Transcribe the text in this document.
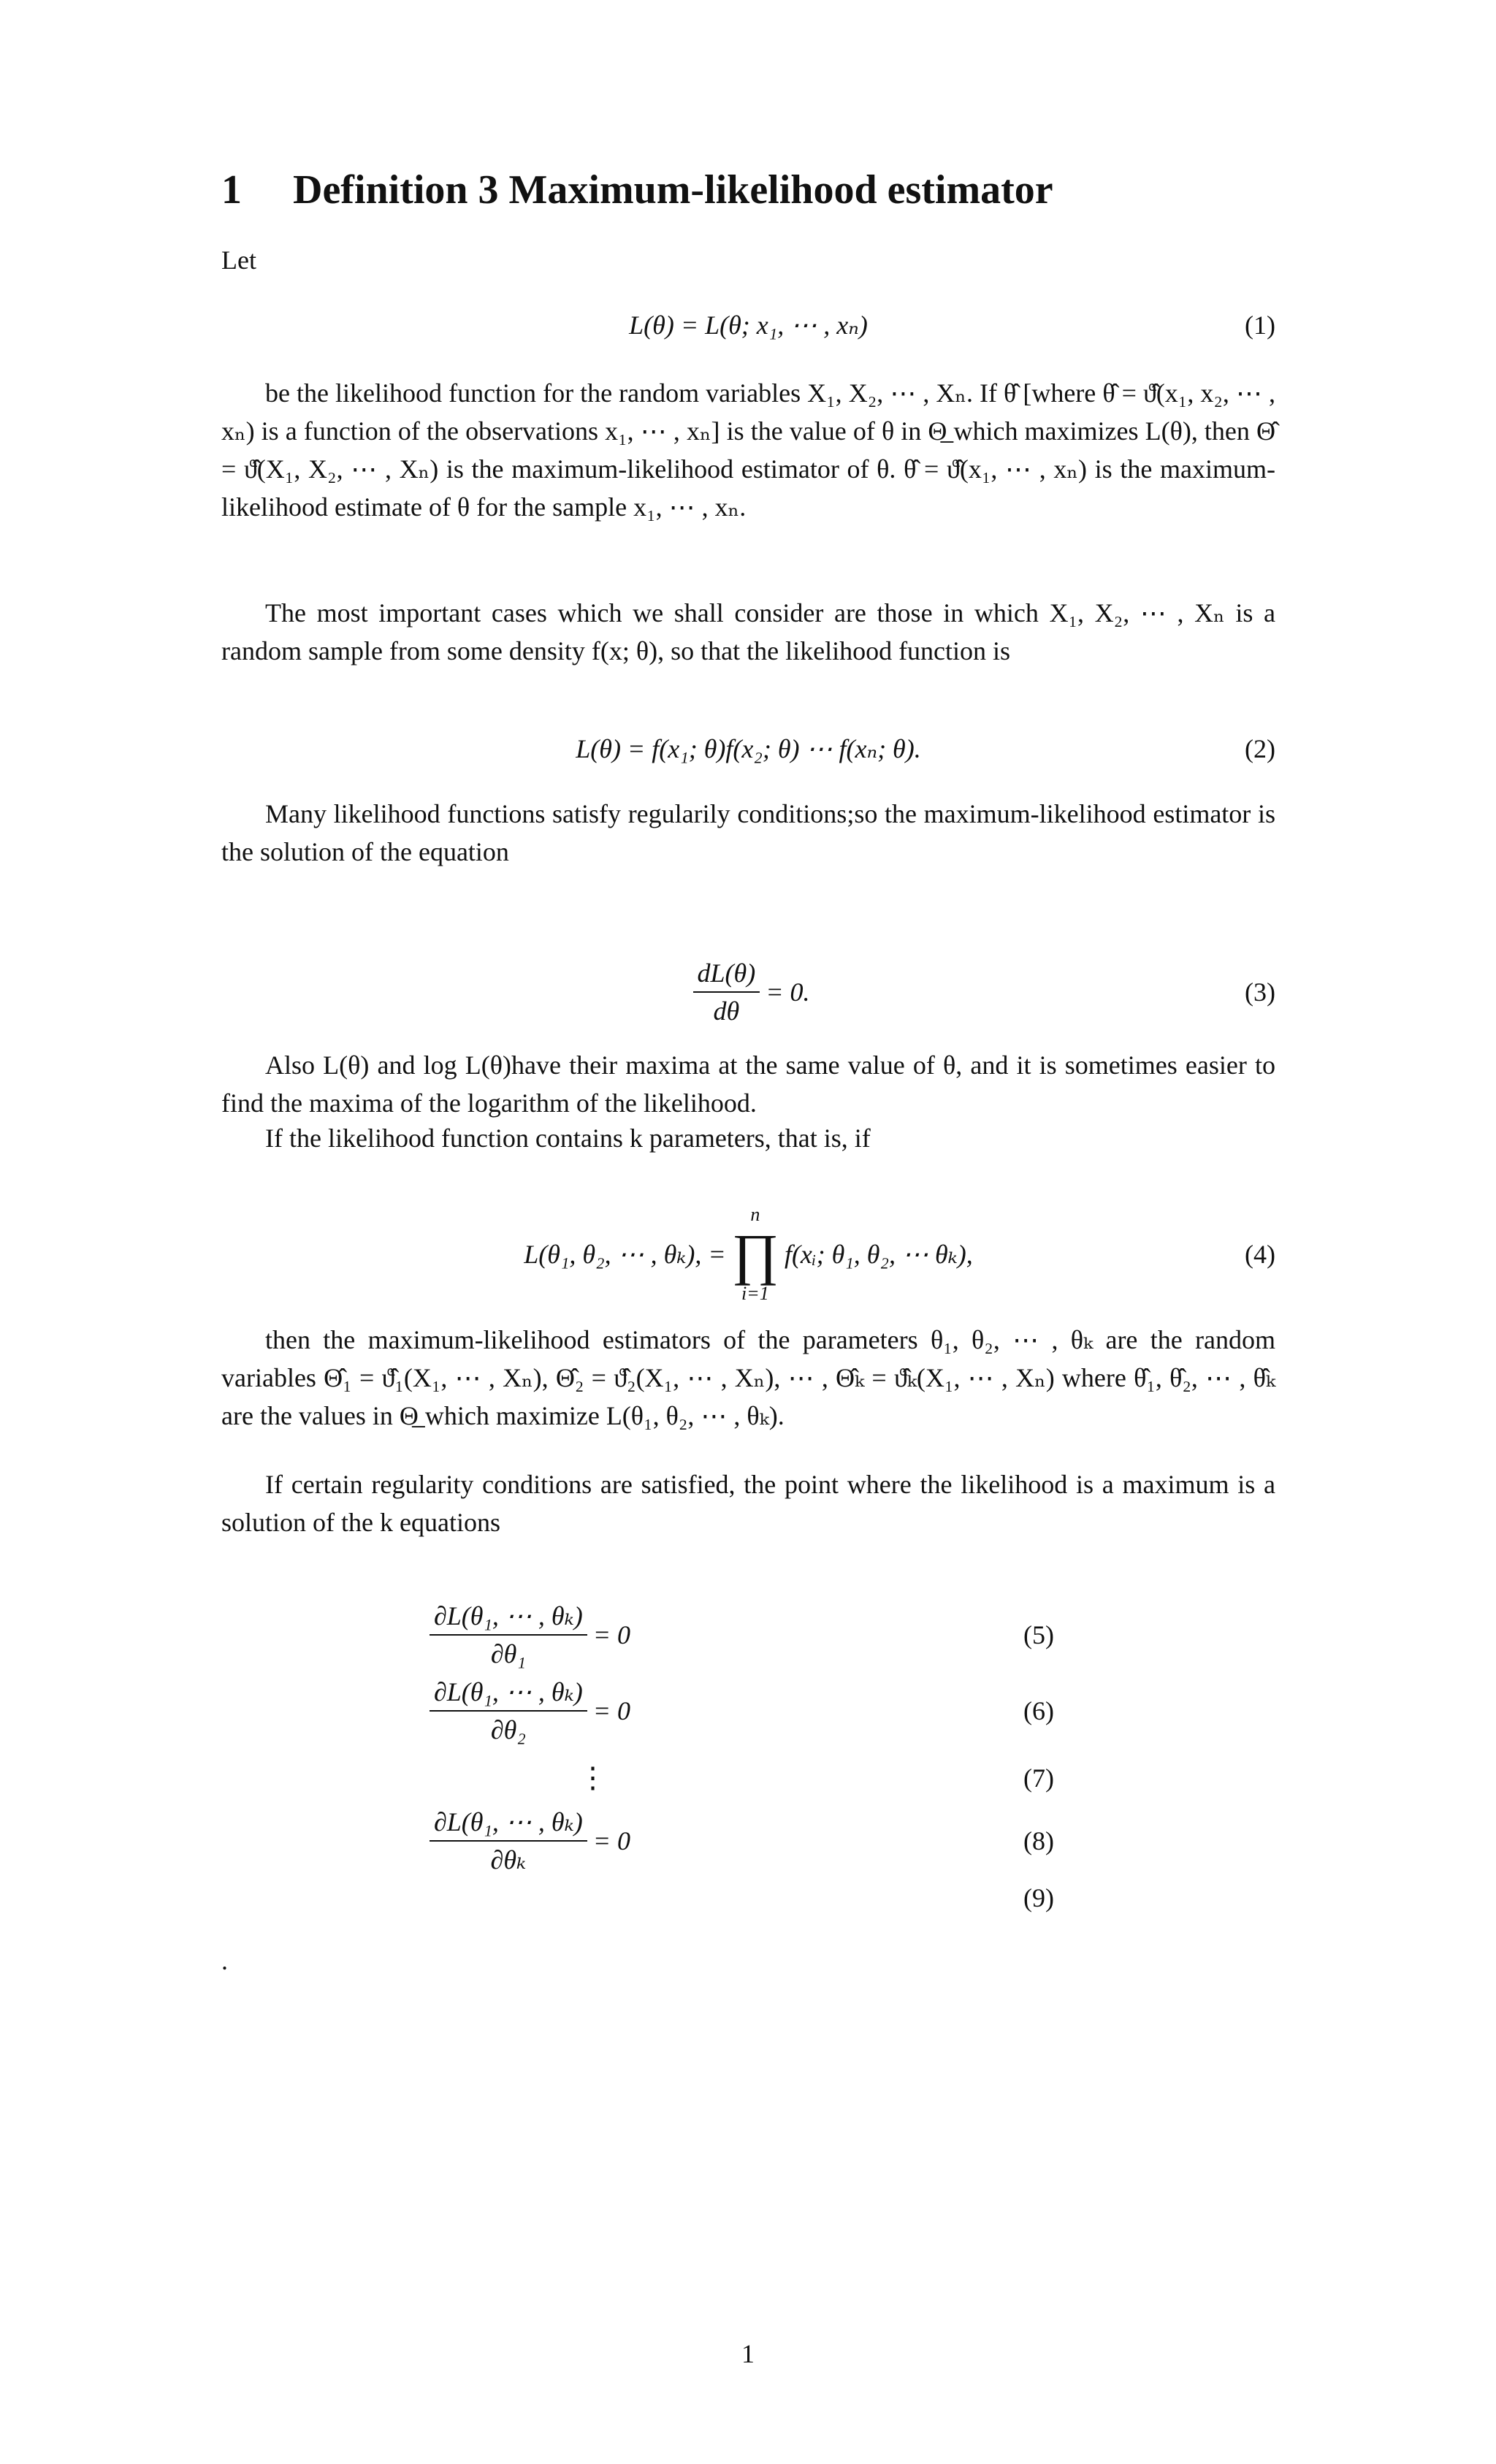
1 Definition 3 Maximum-likelihood estimator

Let

L(θ) = L(θ; x₁, ⋯ , xₙ)	(1)

be the likelihood function for the random variables X₁, X₂, ⋯ , Xₙ. If θ̂ [where θ̂ = ϑ̂(x₁, x₂, ⋯ , xₙ) is a function of the observations x₁, ⋯ , xₙ] is the value of θ in Θ̲ which maximizes L(θ), then Θ̂ = ϑ̂(X₁, X₂, ⋯ , Xₙ) is the maximum-likelihood estimator of θ. θ̂ = ϑ̂(x₁, ⋯ , xₙ) is the maximum-likelihood estimate of θ for the sample x₁, ⋯ , xₙ.

The most important cases which we shall consider are those in which X₁, X₂, ⋯ , Xₙ is a random sample from some density f(x; θ), so that the likelihood function is

L(θ) = f(x₁; θ)f(x₂; θ) ⋯ f(xₙ; θ).	(2)

Many likelihood functions satisfy regularily conditions;so the maximum-likelihood estimator is the solution of the equation

$\frac{dL(\theta)}{d\theta} = 0$.	(3)

Also L(θ) and log L(θ)have their maxima at the same value of θ, and it is sometimes easier to find the maxima of the logarithm of the likelihood.

If the likelihood function contains k parameters, that is, if

L(θ₁, θ₂, ⋯ , θₖ), =
n
∏
i=1
f(xᵢ; θ₁, θ₂, ⋯ θₖ),	(4)

then the maximum-likelihood estimators of the parameters θ₁, θ₂, ⋯ , θₖ are the random variables Θ̂₁ = ϑ̂₁(X₁, ⋯ , Xₙ), Θ̂₂ = ϑ̂₂(X₁, ⋯ , Xₙ), ⋯ , Θ̂ₖ = ϑ̂ₖ(X₁, ⋯ , Xₙ) where θ̂₁, θ̂₂, ⋯ , θ̂ₖ are the values in Θ̲ which maximize L(θ₁, θ₂, ⋯ , θₖ).

If certain regularity conditions are satisfied, the point where the likelihood is a maximum is a solution of the k equations

$\frac{\text{∂L(θ₁, ⋯ , θₖ)}}{\text{∂θ₁}} = 0$	(5)
$\frac{\text{∂L(θ₁, ⋯ , θₖ)}}{\text{∂θ₂}} = 0$	(6)
⋮	(7)
$\frac{\text{∂L(θ₁, ⋯ , θₖ)}}{\text{∂θₖ}} = 0$	(8)
(9)
.
1
